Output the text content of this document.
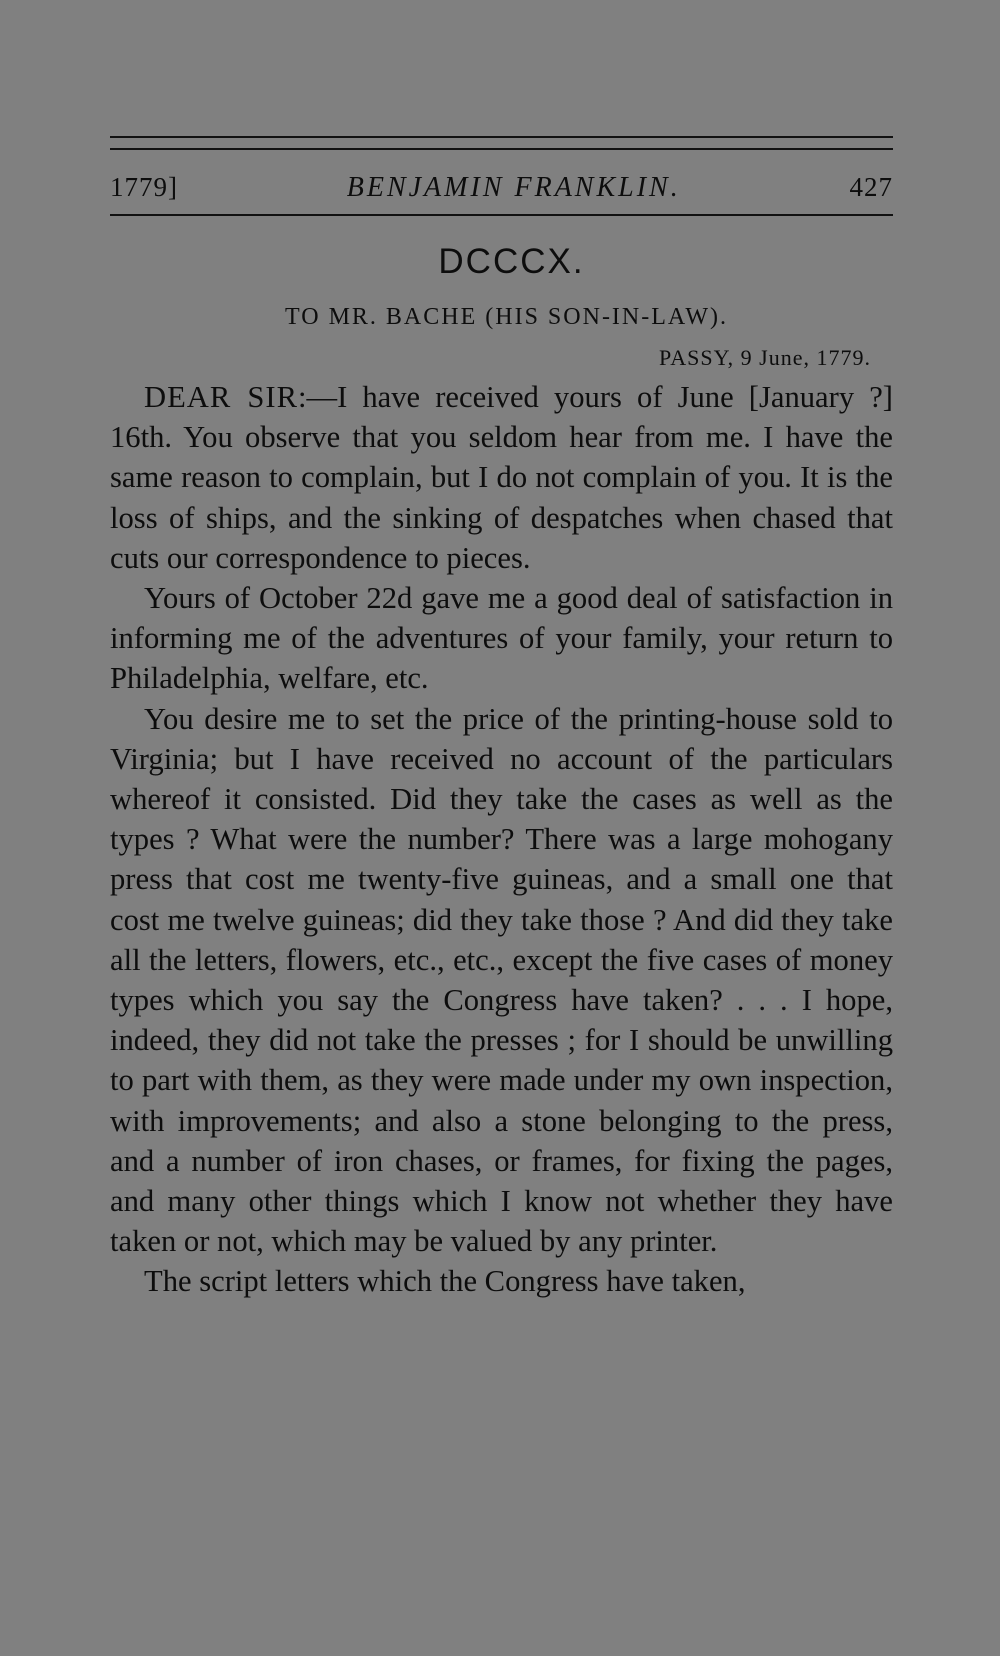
1779]	BENJAMIN FRANKLIN.	427
DCCCX.
TO MR. BACHE (HIS SON-IN-LAW).
PASSY, 9 June, 1779.

DEAR SIR:—I have received yours of June [January ?] 16th. You observe that you seldom hear from me. I have the same reason to complain, but I do not complain of you. It is the loss of ships, and the sinking of despatches when chased that cuts our correspondence to pieces.

Yours of October 22d gave me a good deal of satisfaction in informing me of the adventures of your family, your return to Philadelphia, welfare, etc.

You desire me to set the price of the printing-house sold to Virginia; but I have received no account of the particulars whereof it consisted. Did they take the cases as well as the types ? What were the number? There was a large mohogany press that cost me twenty-five guineas, and a small one that cost me twelve guineas; did they take those ? And did they take all the letters, flowers, etc., etc., except the five cases of money types which you say the Congress have taken? . . . I hope, indeed, they did not take the presses ; for I should be unwilling to part with them, as they were made under my own inspection, with improvements; and also a stone belonging to the press, and a number of iron chases, or frames, for fixing the pages, and many other things which I know not whether they have taken or not, which may be valued by any printer.

The script letters which the Congress have taken,
